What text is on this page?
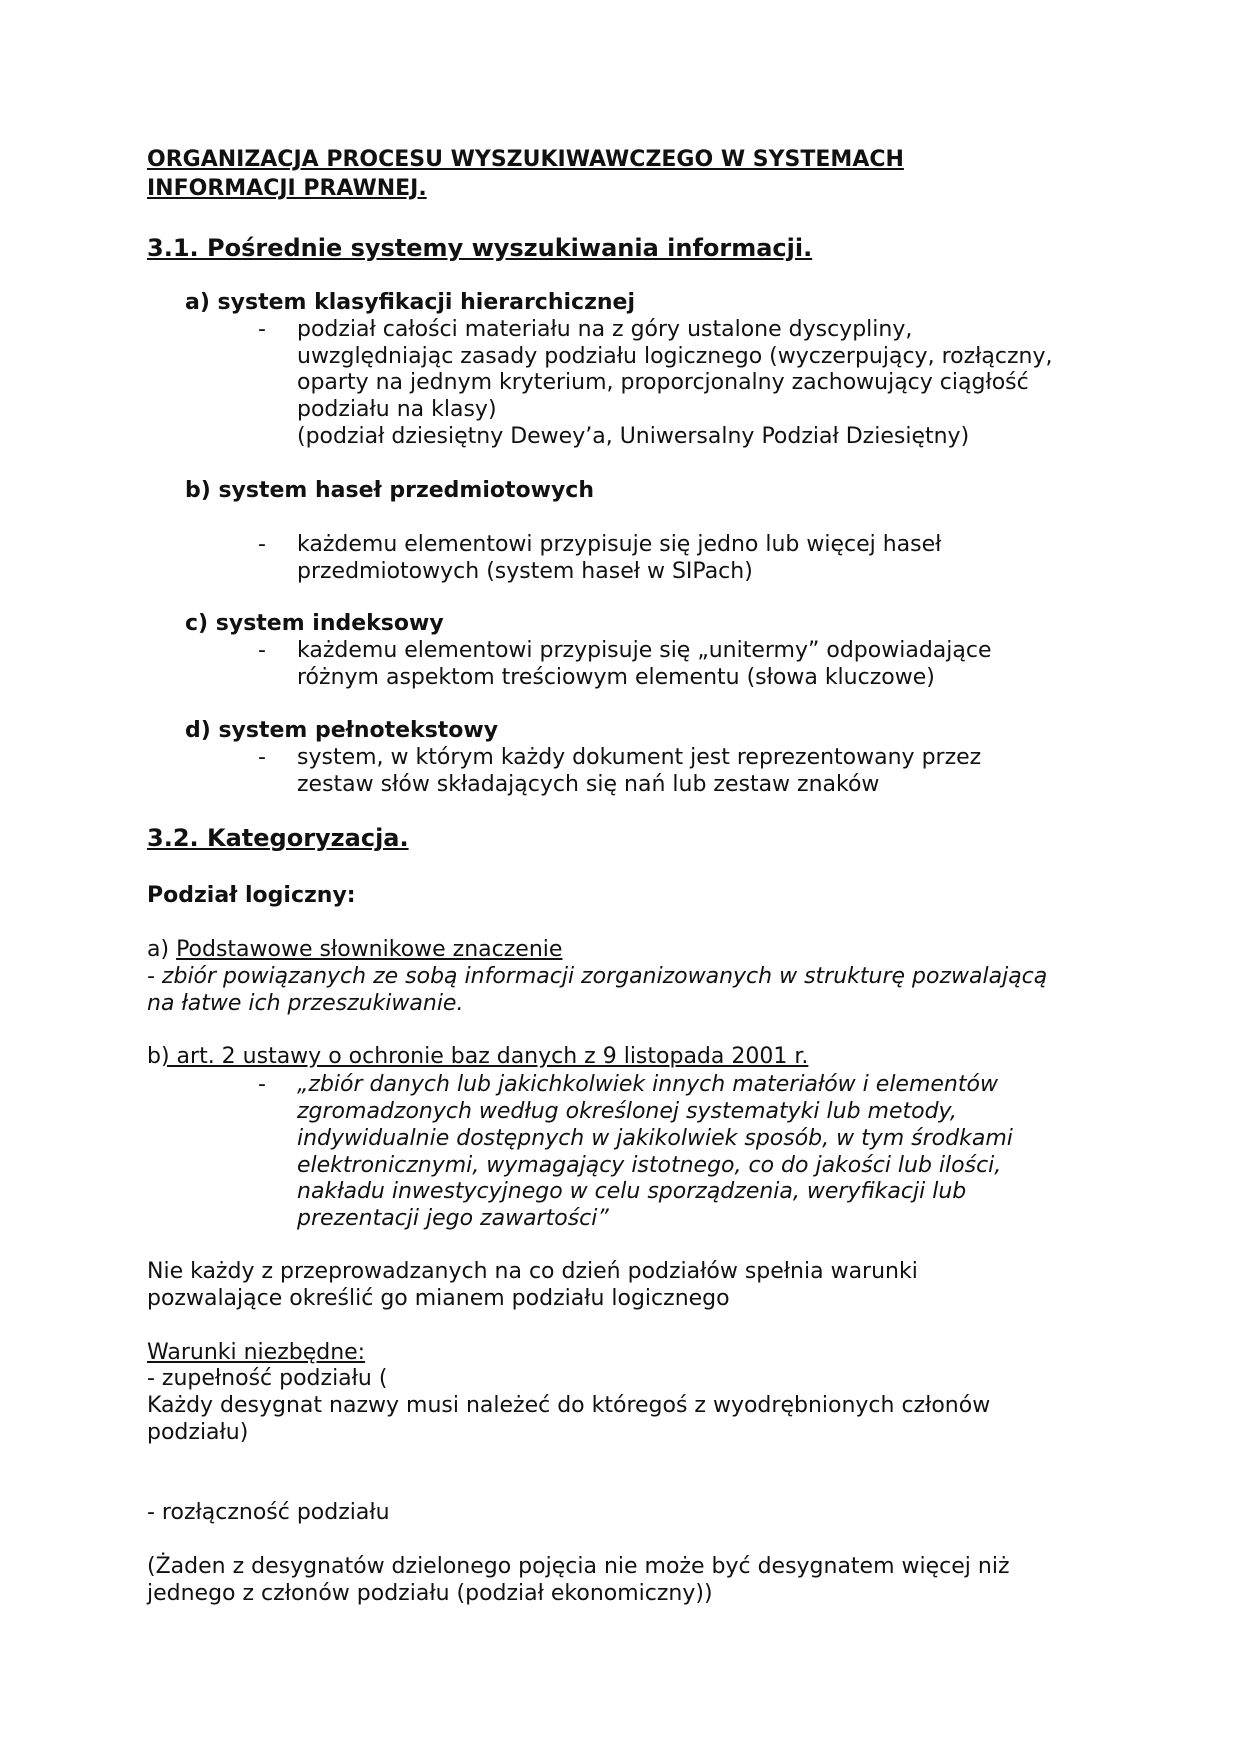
ORGANIZACJA PROCESU WYSZUKIWAWCZEGO W SYSTEMACH
INFORMACJI PRAWNEJ.
3.1. Pośrednie systemy wyszukiwania informacji.
a) system klasyfikacji hierarchicznej
- podział całości materiału na z góry ustalone dyscypliny,
uwzględniając zasady podziału logicznego (wyczerpujący, rozłączny,
oparty na jednym kryterium, proporcjonalny zachowujący ciągłość
podziału na klasy)
(podział dziesiętny Dewey’a, Uniwersalny Podział Dziesiętny)
b) system haseł przedmiotowych
- każdemu elementowi przypisuje się jedno lub więcej haseł
przedmiotowych (system haseł w SIPach)
c) system indeksowy
- każdemu elementowi przypisuje się „unitermy” odpowiadające
różnym aspektom treściowym elementu (słowa kluczowe)
d) system pełnotekstowy
- system, w którym każdy dokument jest reprezentowany przez
zestaw słów składających się nań lub zestaw znaków
3.2. Kategoryzacja.
Podział logiczny:
a) Podstawowe słownikowe znaczenie
- zbiór powiązanych ze sobą informacji zorganizowanych w strukturę pozwalającą
na łatwe ich przeszukiwanie.
b) art. 2 ustawy o ochronie baz danych z 9 listopada 2001 r.
- „zbiór danych lub jakichkolwiek innych materiałów i elementów
zgromadzonych według określonej systematyki lub metody,
indywidualnie dostępnych w jakikolwiek sposób, w tym środkami
elektronicznymi, wymagający istotnego, co do jakości lub ilości,
nakładu inwestycyjnego w celu sporządzenia, weryfikacji lub
prezentacji jego zawartości”
Nie każdy z przeprowadzanych na co dzień podziałów spełnia warunki
pozwalające określić go mianem podziału logicznego
Warunki niezbędne:
- zupełność podziału (
Każdy desygnat nazwy musi należeć do któregoś z wyodrębnionych członów
podziału)
- rozłączność podziału
(Żaden z desygnatów dzielonego pojęcia nie może być desygnatem więcej niż
jednego z członów podziału (podział ekonomiczny))
